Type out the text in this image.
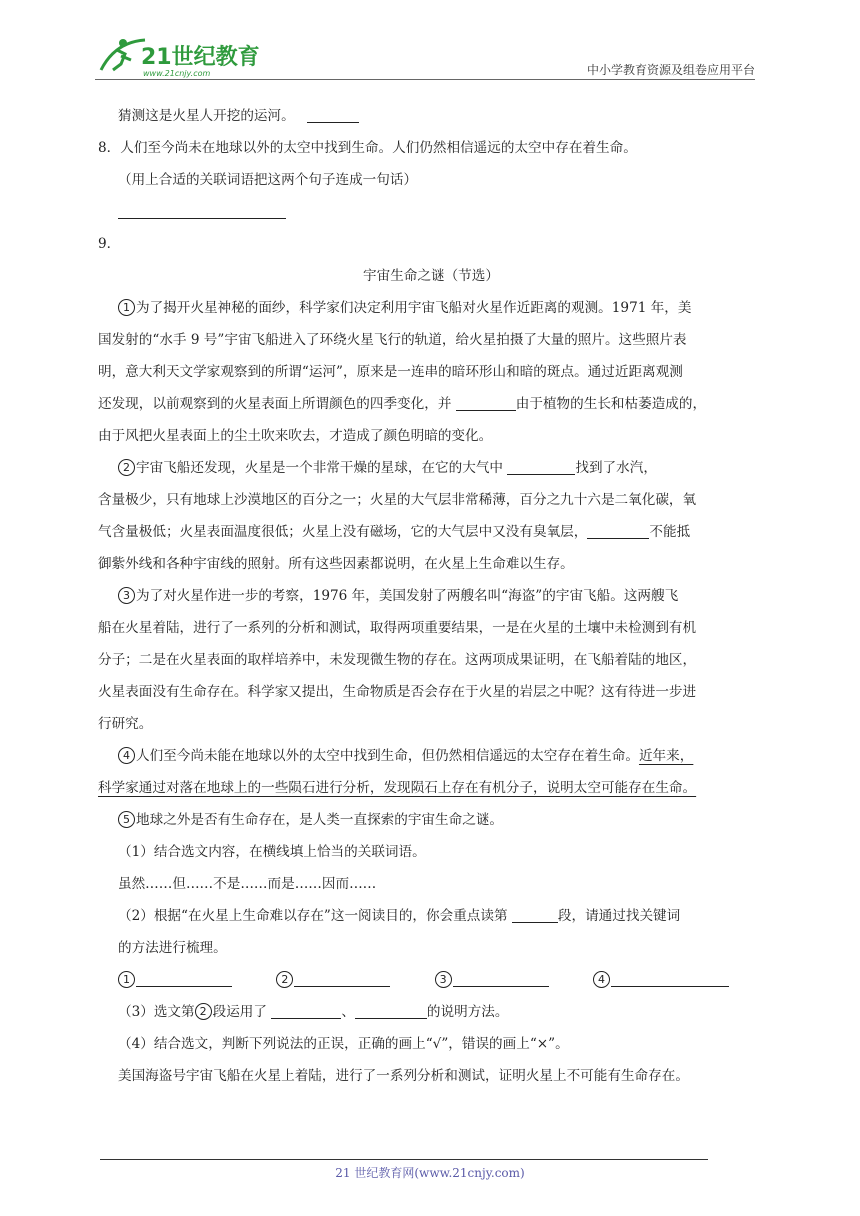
21世纪教育
www.21cnjy.com	中小学教育资源及组卷应用平台
猜测这是火星人开挖的运河。
8．人们至今尚未在地球以外的太空中找到生命。人们仍然相信遥远的太空中存在着生命。
（用上合适的关联词语把这两个句子连成一句话）
9．
宇宙生命之谜（节选）
1 为了揭开火星神秘的面纱，科学家们决定利用宇宙飞船对火星作近距离的观测。1971 年，美
国发射的“水手 9 号”宇宙飞船进入了环绕火星飞行的轨道，给火星拍摄了大量的照片。这些照片表
明，意大利天文学家观察到的所谓“运河”，原来是一连串的暗环形山和暗的斑点。通过近距离观测
还发现，以前观察到的火星表面上所谓颜色的四季变化，并	由于植物的生长和枯萎造成的，
由于风把火星表面上的尘土吹来吹去，才造成了颜色明暗的变化。
2 宇宙飞船还发现，火星是一个非常干燥的星球，在它的大气中	找到了水汽，
含量极少，只有地球上沙漠地区的百分之一；火星的大气层非常稀薄，百分之九十六是二氧化碳，氧
气含量极低；火星表面温度很低；火星上没有磁场，它的大气层中又没有臭氧层，	不能抵
御紫外线和各种宇宙线的照射。所有这些因素都说明，在火星上生命难以生存。
3 为了对火星作进一步的考察，1976 年，美国发射了两艘名叫“海盗”的宇宙飞船。这两艘飞
船在火星着陆，进行了一系列的分析和测试，取得两项重要结果，一是在火星的土壤中未检测到有机
分子；二是在火星表面的取样培养中，未发现微生物的存在。这两项成果证明，在飞船着陆的地区，
火星表面没有生命存在。科学家又提出，生命物质是否会存在于火星的岩层之中呢？这有待进一步进
行研究。
4 人们至今尚未能在地球以外的太空中找到生命，但仍然相信遥远的太空存在着生命。近年来，
科学家通过对落在地球上的一些陨石进行分析，发现陨石上存在有机分子，说明太空可能存在生命。
5 地球之外是否有生命存在，是人类一直探索的宇宙生命之谜。
（1）结合选文内容，在横线填上恰当的关联词语。
虽然……但……不是……而是……因而……
（2）根据“在火星上生命难以存在”这一阅读目的，你会重点读第	段，请通过找关键词
的方法进行梳理。
1	2	3	4
（3）选文第 2 段运用了	、	的说明方法。
（4）结合选文，判断下列说法的正误，正确的画上“√”，错误的画上“×”。
美国海盗号宇宙飞船在火星上着陆，进行了一系列分析和测试，证明火星上不可能有生命存在。
21 世纪教育网(www.21cnjy.com)
